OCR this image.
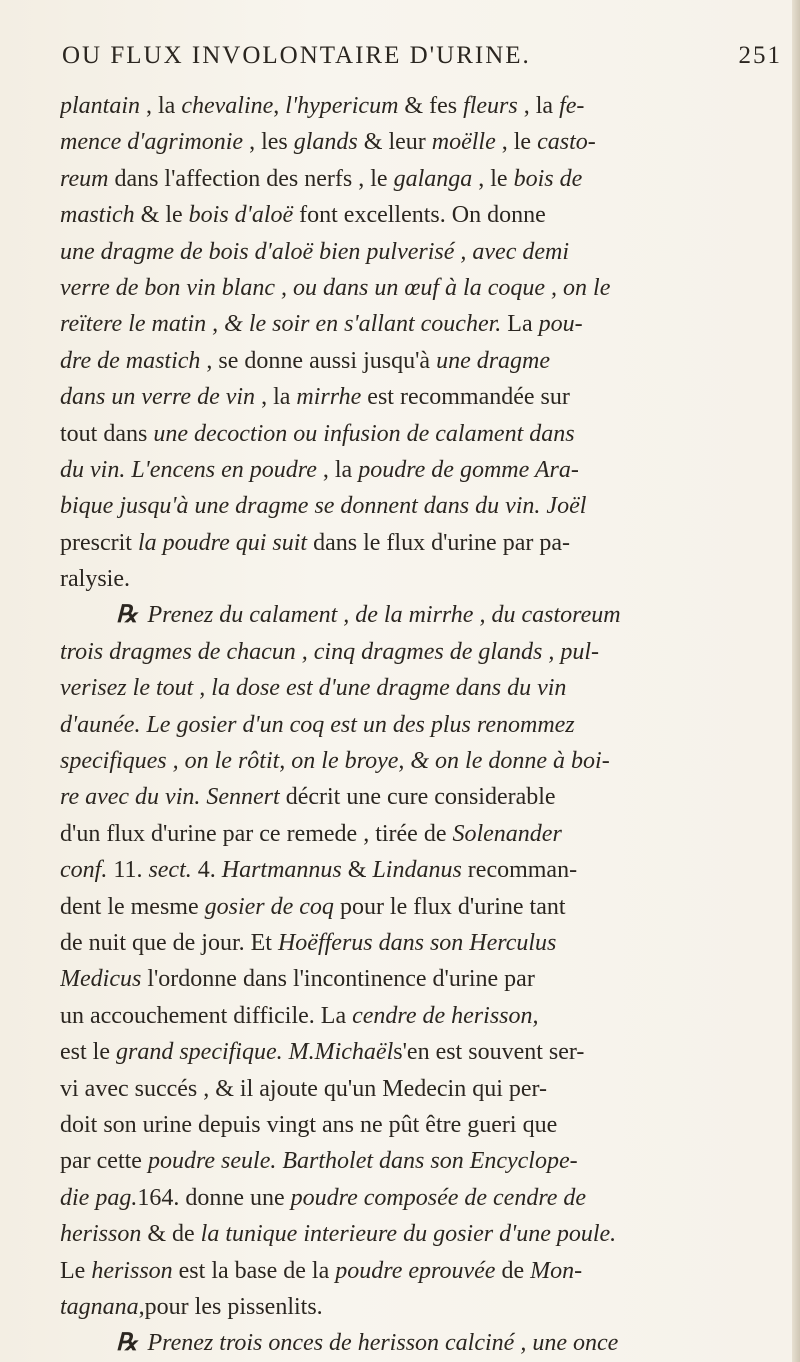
OU FLUX INVOLONTAIRE D'URINE.	251
plantain , la chevaline, l'hypericum & fes fleurs , la fe-
mence d'agrimonie , les glands & leur moëlle , le casto-
reum dans l'affection des nerfs , le galanga , le bois de
mastich & le bois d'aloë font excellents. On donne
une dragme de bois d'aloë bien pulverisé , avec demi
verre de bon vin blanc , ou dans un œuf à la coque , on le
reïtere le matin , & le soir en s'allant coucher. La pou-
dre de mastich , se donne aussi jusqu'à une dragme
dans un verre de vin , la mirrhe est recommandée sur
tout dans une decoction ou infusion de calament dans
du vin. L'encens en poudre , la poudre de gomme Ara-
bique jusqu'à une dragme se donnent dans du vin. Joël
prescrit la poudre qui suit dans le flux d'urine par pa-
ralysie.
℞ Prenez du calament , de la mirrhe , du castoreum
trois dragmes de chacun , cinq dragmes de glands , pul-
verisez le tout , la dose est d'une dragme dans du vin
d'aunée. Le gosier d'un coq est un des plus renommez
specifiques , on le rôtit, on le broye, & on le donne à boi-
re avec du vin. Sennert décrit une cure considerable
d'un flux d'urine par ce remede , tirée de Solenander
conf. 11. sect. 4. Hartmannus & Lindanus recomman-
dent le mesme gosier de coq pour le flux d'urine tant
de nuit que de jour. Et Hoëfferus dans son Herculus
Medicus l'ordonne dans l'incontinence d'urine par
un accouchement difficile. La cendre de herisson,
est le grand specifique. M.Michaëls'en est souvent ser-
vi avec succés , & il ajoute qu'un Medecin qui per-
doit son urine depuis vingt ans ne pût être gueri que
par cette poudre seule. Bartholet dans son Encyclope-
die pag.164. donne une poudre composée de cendre de
herisson & de la tunique interieure du gosier d'une poule.
Le herisson est la base de la poudre eprouvée de Mon-
tagnana,pour les pissenlits.
℞ Prenez trois onces de herisson calciné , une once
